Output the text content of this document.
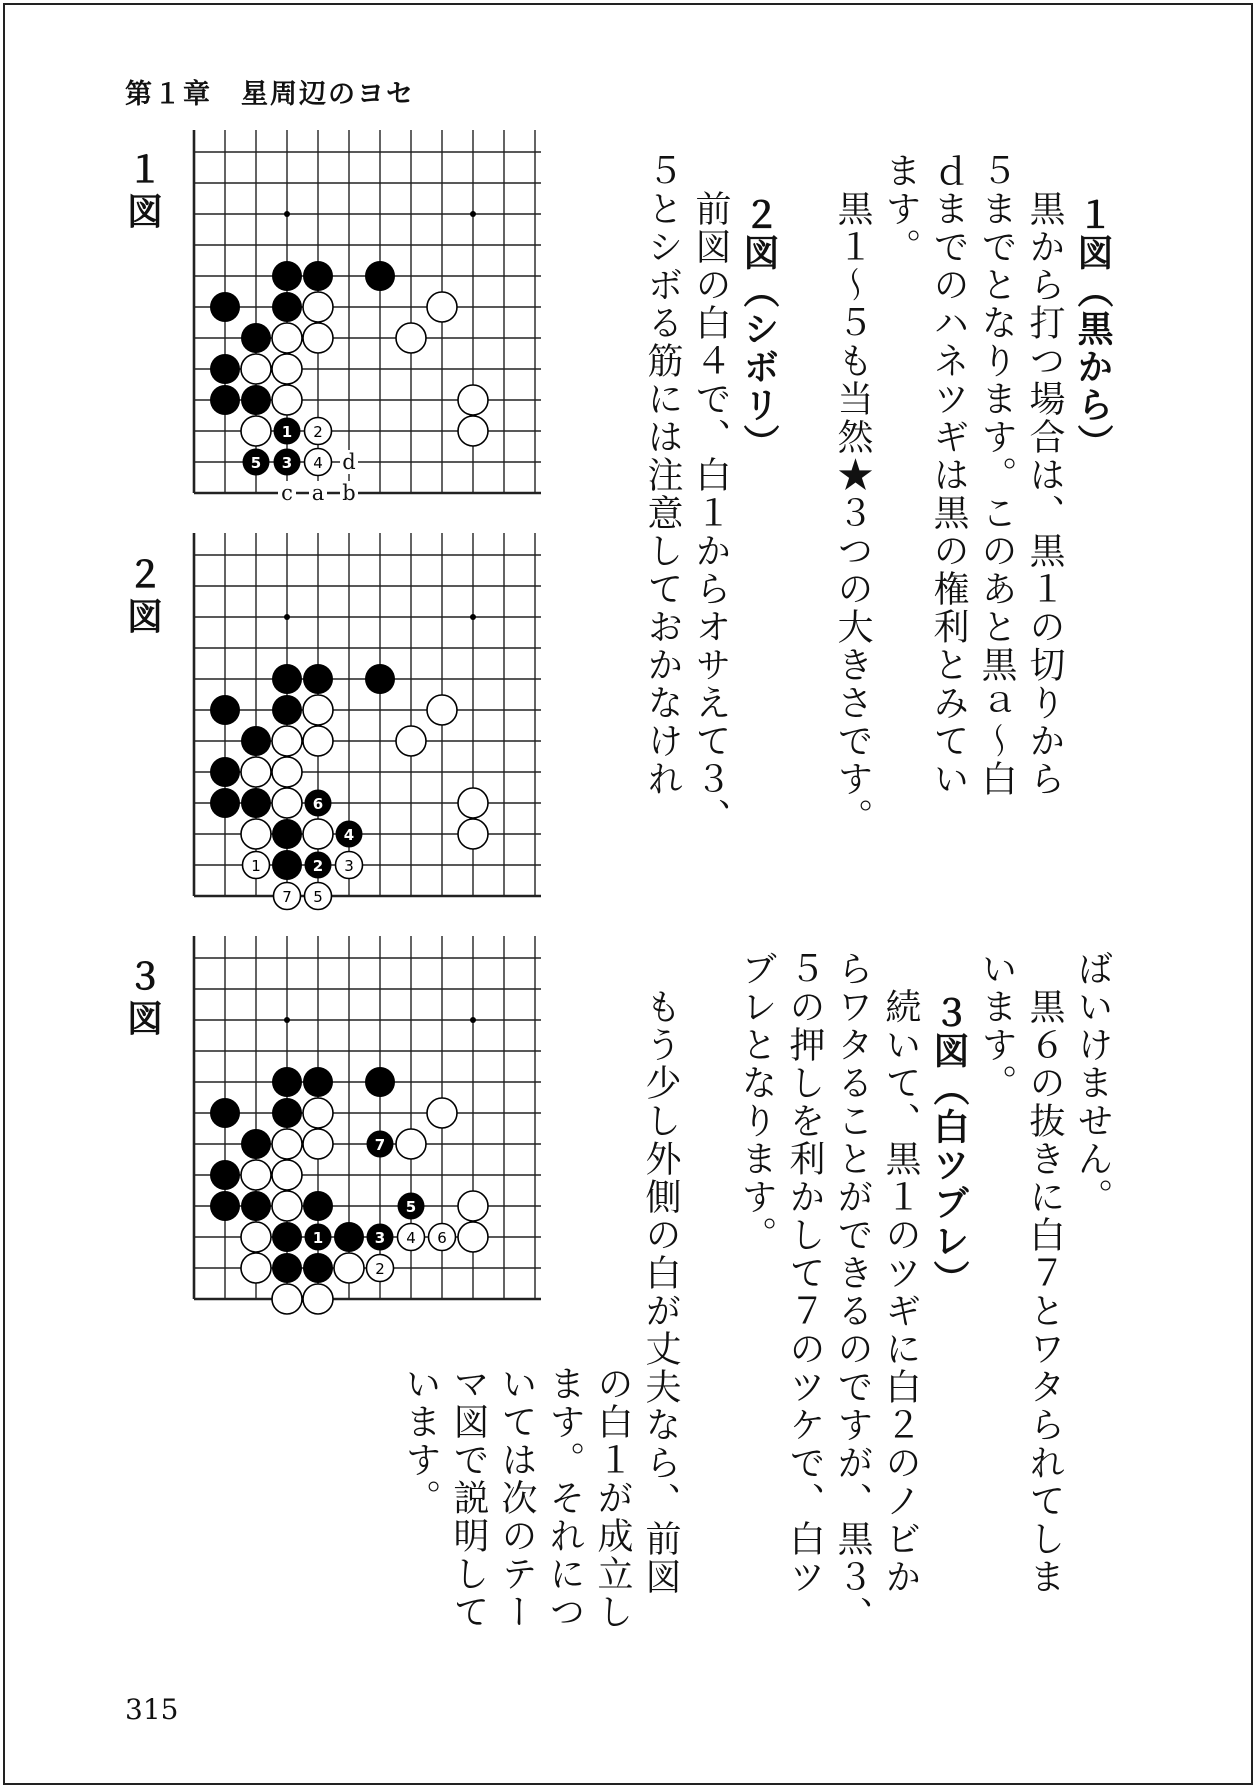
第１章　星周辺のヨセ
１
図
d
c a b
1 2
5 3 4
２
図
6
4
1	2 3
7 5
３
図
7
5
1	3 4 6
2
１図（黒から）
黒から打つ場合は、黒１の切りから
５までとなります。このあと黒ａ～白
ｄまでのハネツギは黒の権利とみてい
ます。
黒１～５も当然★３つの大きさです。
２図（シボリ）
前図の白４で、白１からオサえて３、
５とシボる筋には注意しておかなけれ
ばいけません。
黒６の抜きに白７とワタられてしま
います。
３図（白ツブレ）
続いて、黒１のツギに白２のノビか
らワタることができるのですが、黒３、
５の押しを利かして７のツケで、白ツ
ブレとなります。
もう少し外側の白が丈夫なら、前図
の白１が成立し
ます。それにつ
いては次のテー
マ図で説明して
います。
315
